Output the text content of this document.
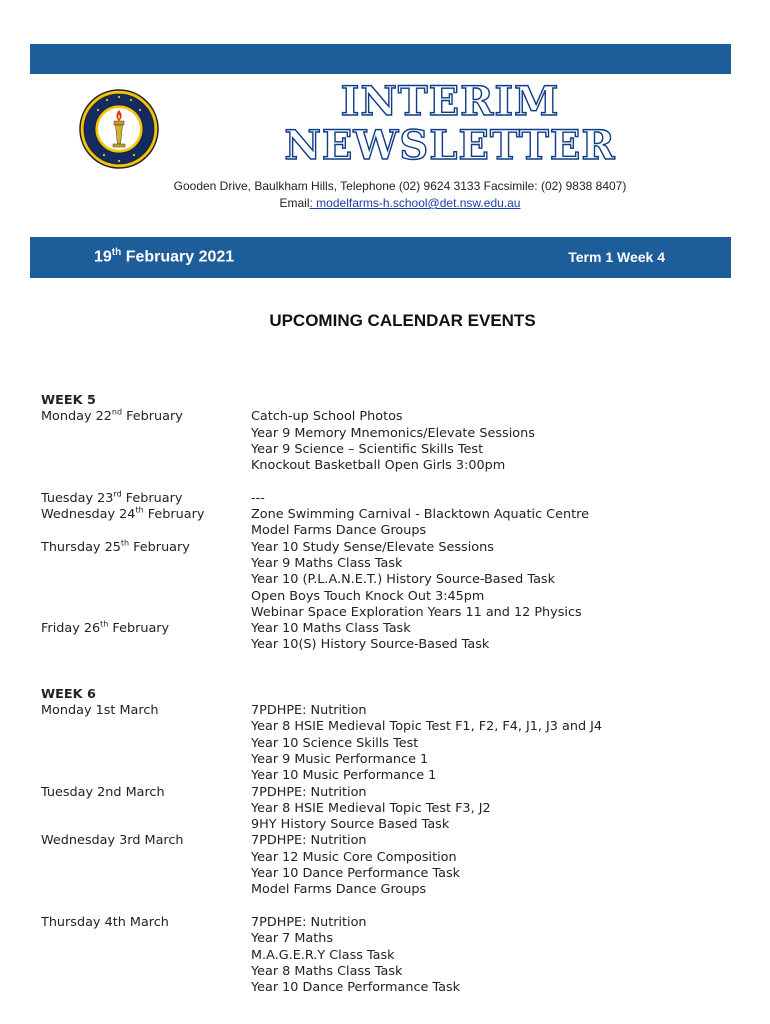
INTERIM
NEWSLETTER
Gooden Drive, Baulkham Hills, Telephone (02) 9624 3133 Facsimile: (02) 9838 8407)
Email: modelfarms-h.school@det.nsw.edu.au
19th February 2021	Term 1 Week 4
UPCOMING CALENDAR EVENTS
WEEK 5
Monday 22nd February	Catch-up School Photos
Year 9 Memory Mnemonics/Elevate Sessions
Year 9 Science – Scientific Skills Test
Knockout Basketball Open Girls 3:00pm
Tuesday 23rd February	---
Wednesday 24th February	Zone Swimming Carnival - Blacktown Aquatic Centre
Model Farms Dance Groups
Thursday 25th February	Year 10 Study Sense/Elevate Sessions
Year 9 Maths Class Task
Year 10 (P.L.A.N.E.T.) History Source-Based Task
Open Boys Touch Knock Out 3:45pm
Webinar Space Exploration Years 11 and 12 Physics
Friday 26th February	Year 10 Maths Class Task
Year 10(S) History Source-Based Task
WEEK 6
Monday 1st March	7PDHPE: Nutrition
Year 8 HSIE Medieval Topic Test F1, F2, F4, J1, J3 and J4
Year 10 Science Skills Test
Year 9 Music Performance 1
Year 10 Music Performance 1
Tuesday 2nd March	7PDHPE: Nutrition
Year 8 HSIE Medieval Topic Test F3, J2
9HY History Source Based Task
Wednesday 3rd March	7PDHPE: Nutrition
Year 12 Music Core Composition
Year 10 Dance Performance Task
Model Farms Dance Groups
Thursday 4th March	7PDHPE: Nutrition
Year 7 Maths
M.A.G.E.R.Y Class Task
Year 8 Maths Class Task
Year 10 Dance Performance Task
